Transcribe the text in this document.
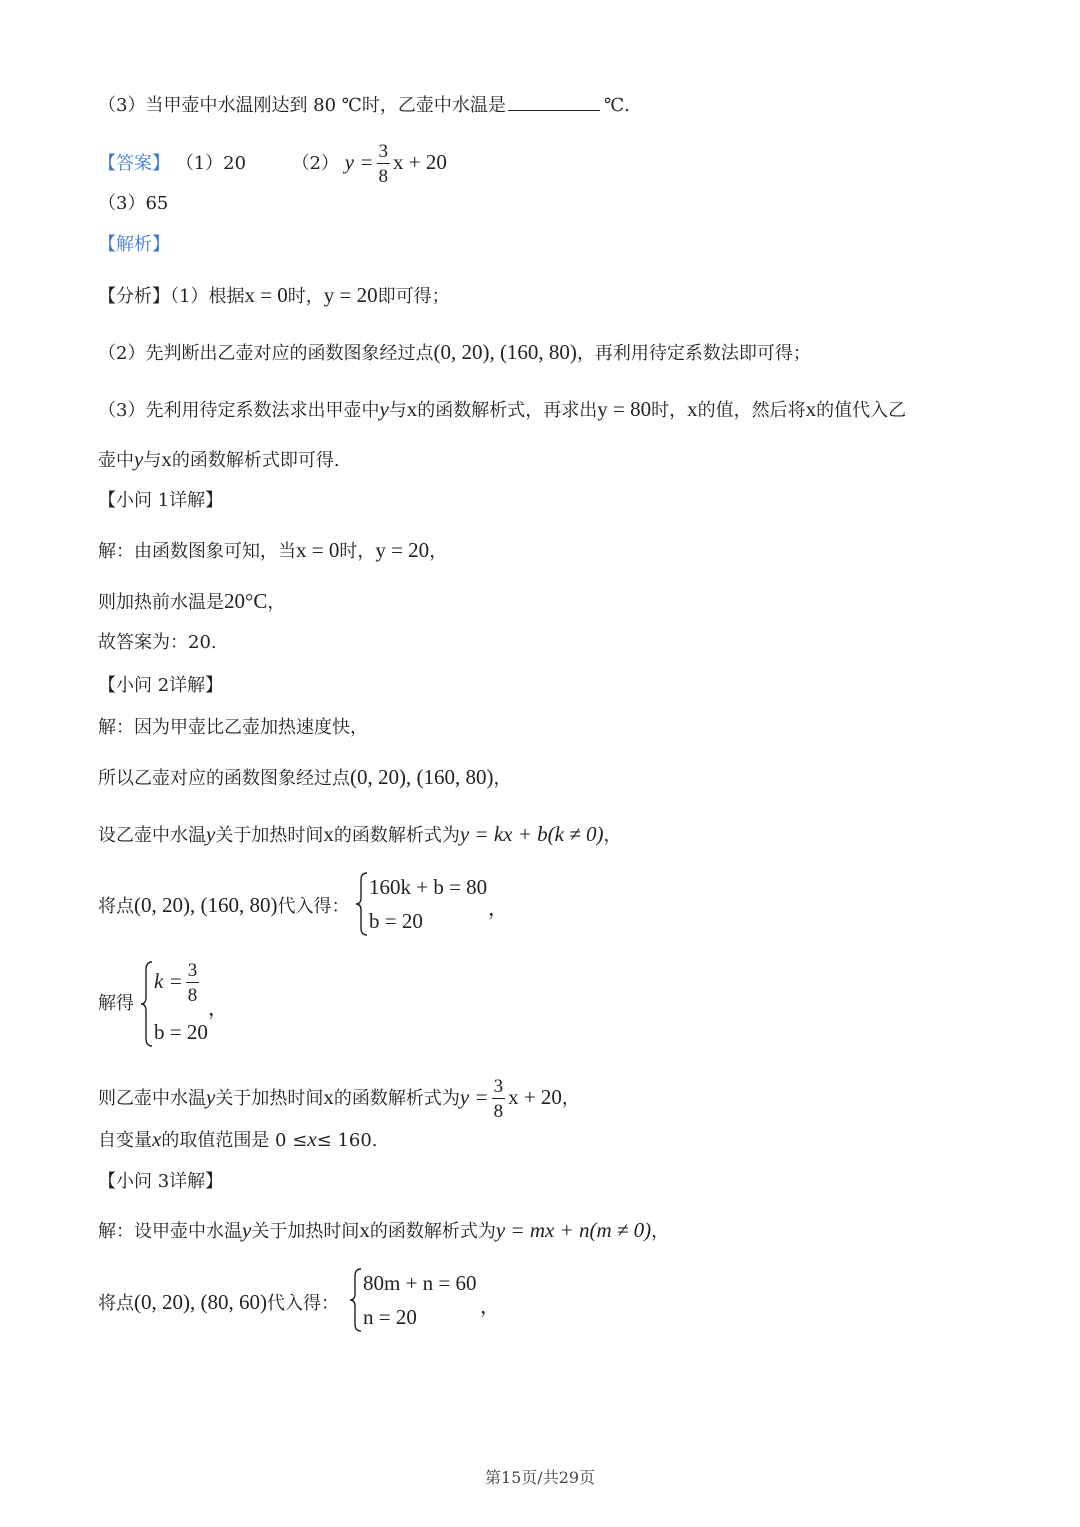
（3）当甲壶中水温刚达到 80 ℃时，乙壶中水温是	℃.
【答案】 （1）20	（2） $y = \frac{3}{8}$ x + 20
（3）65
【解析】
【分析】（1）根据x = 0时，y = 20即可得；
（2）先判断出乙壶对应的函数图象经过点(0, 20), (160, 80)，再利用待定系数法即可得；
（3）先利用待定系数法求出甲壶中y与x的函数解析式，再求出y = 80时，x的值，然后将x的值代入乙
壶中y与x的函数解析式即可得.
【小问 1详解】
解：由函数图象可知，当x = 0时，y = 20，
则加热前水温是20°C，
故答案为：20.
【小问 2详解】
解：因为甲壶比乙壶加热速度快，
所以乙壶对应的函数图象经过点(0, 20), (160, 80)，
设乙壶中水温y关于加热时间x的函数解析式为y = kx + b(k ≠ 0)，
将点(0, 20), (160, 80)代入得：
160k + b = 80
b = 20	，
解得
$k = \frac{3}{8}$
b = 20
，
则乙壶中水温y关于加热时间x的函数解析式为$y = \frac{3}{8}$ x + 20，
自变量x的取值范围是 0 ≤x≤ 160.
【小问 3详解】
解：设甲壶中水温y关于加热时间x的函数解析式为y = mx + n(m ≠ 0)，
将点(0, 20), (80, 60)代入得：
80m + n = 60
n = 20	，
第15页/共29页
